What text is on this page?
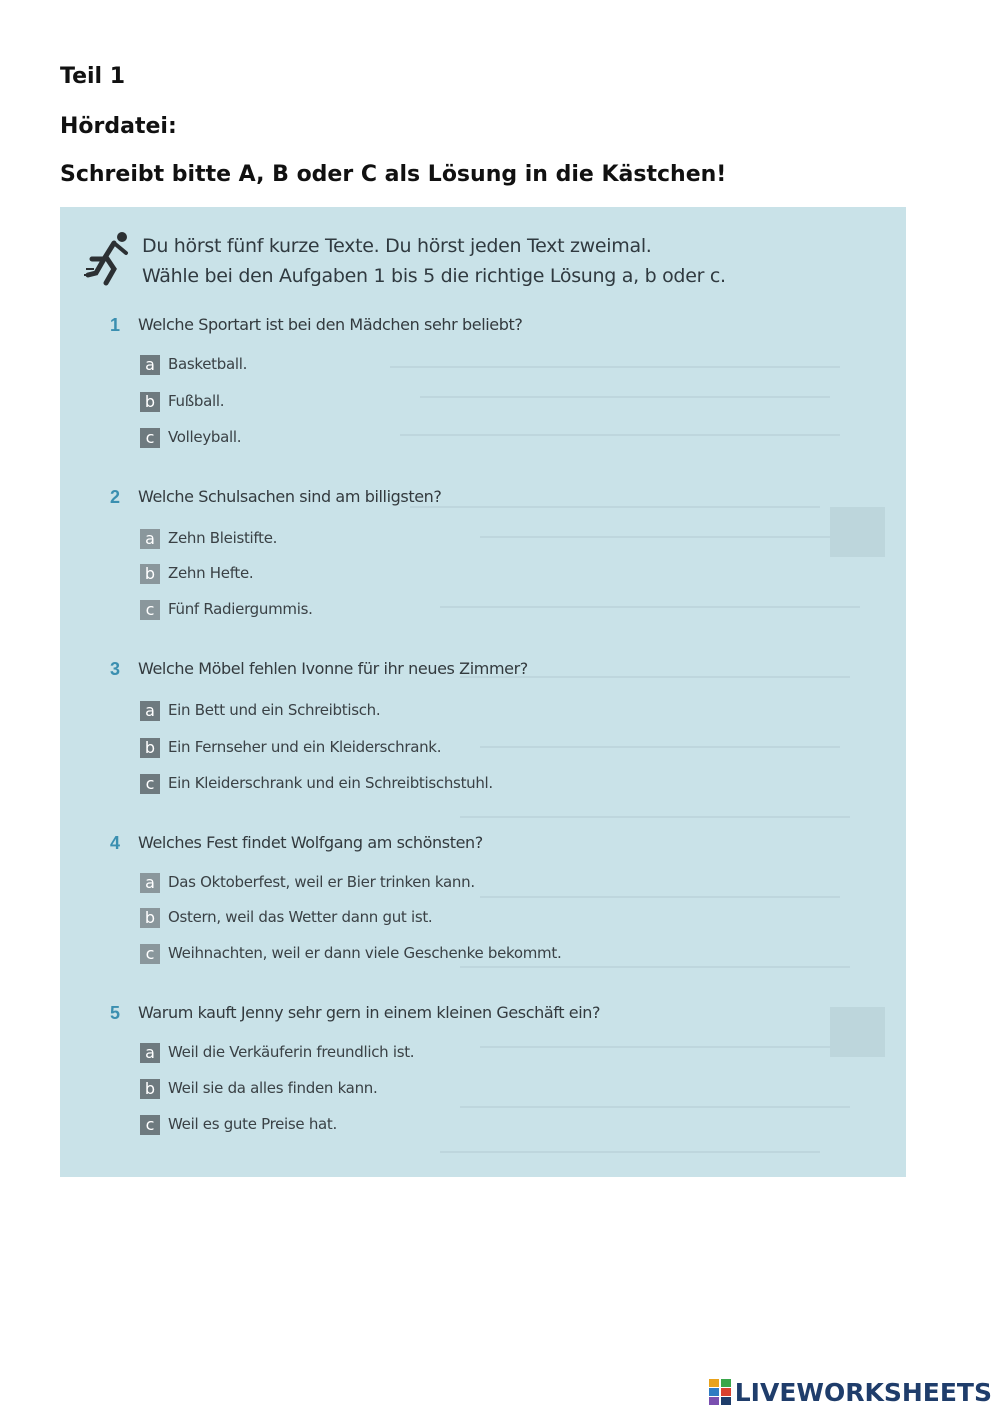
Teil 1
Hördatei:
Schreibt bitte A, B oder C als Lösung in die Kästchen!
Du hörst fünf kurze Texte. Du hörst jeden Text zweimal.
Wähle bei den Aufgaben 1 bis 5 die richtige Lösung a, b oder c.
1 Welche Sportart ist bei den Mädchen sehr beliebt?
a Basketball.
b Fußball.
c Volleyball.
2 Welche Schulsachen sind am billigsten?
a Zehn Bleistifte.
b Zehn Hefte.
c Fünf Radiergummis.
3 Welche Möbel fehlen Ivonne für ihr neues Zimmer?
a Ein Bett und ein Schreibtisch.
b Ein Fernseher und ein Kleiderschrank.
c Ein Kleiderschrank und ein Schreibtischstuhl.
4 Welches Fest findet Wolfgang am schönsten?
a Das Oktoberfest, weil er Bier trinken kann.
b Ostern, weil das Wetter dann gut ist.
c Weihnachten, weil er dann viele Geschenke bekommt.
5 Warum kauft Jenny sehr gern in einem kleinen Geschäft ein?
a Weil die Verkäuferin freundlich ist.
b Weil sie da alles finden kann.
c Weil es gute Preise hat.
LIVEWORKSHEETS
